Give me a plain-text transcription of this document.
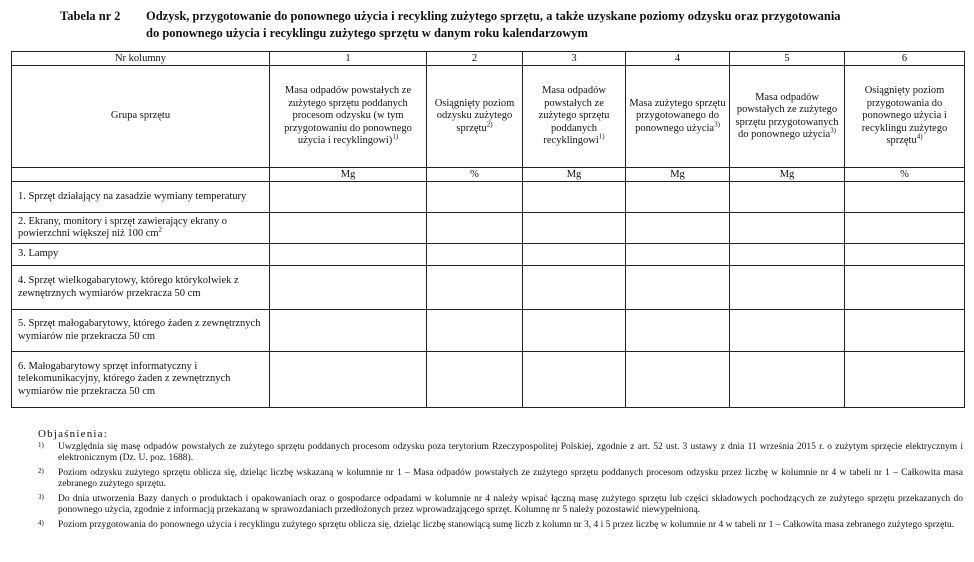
Tabela nr 2 Odzysk, przygotowanie do ponownego użycia i recykling zużytego sprzętu, a także uzyskane poziomy odzysku oraz przygotowania
do ponownego użycia i recyklingu zużytego sprzętu w danym roku kalendarzowym
Nr kolumny	1	2	3	4	5	6
Grupa sprzętu	Masa odpadów powstałych ze zużytego sprzętu poddanych procesom odzysku (w tym przygotowaniu do ponownego użycia i recyklingowi)$^{1)}$	Osiągnięty poziom odzysku zużytego sprzętu$^{2)}$	Masa odpadów powstałych ze zużytego sprzętu poddanych recyklingowi$^{1)}$	Masa zużytego sprzętu przygotowanego do ponownego użycia$^{3)}$	Masa odpadów powstałych ze zużytego sprzętu przygotowanych do ponownego użycia$^{3)}$	Osiągnięty poziom przygotowania do ponownego użycia i recyklingu zużytego sprzętu$^{4)}$
	Mg	%	Mg	Mg	Mg	%
1. Sprzęt działający na zasadzie wymiany temperatury						
2. Ekrany, monitory i sprzęt zawierający ekrany o powierzchni większej niż 100 $cm^2$						
3. Lampy						
4. Sprzęt wielkogabarytowy, którego którykolwiek z zewnętrznych wymiarów przekracza 50 cm						
5. Sprzęt małogabarytowy, którego żaden z zewnętrznych wymiarów nie przekracza 50 cm						
6. Małogabarytowy sprzęt informatyczny i telekomunikacyjny, którego żaden z zewnętrznych wymiarów nie przekracza 50 cm						
Objaśnienia:
1) Uwzględnia się masę odpadów powstałych ze zużytego sprzętu poddanych procesom odzysku poza terytorium Rzeczypospolitej Polskiej, zgodnie z art. 52 ust. 3 ustawy z dnia 11 września 2015 r. o zużytym sprzęcie elektrycznym i elektronicznym (Dz. U. poz. 1688).
2) Poziom odzysku zużytego sprzętu oblicza się, dzieląc liczbę wskazaną w kolumnie nr 1 – Masa odpadów powstałych ze zużytego sprzętu poddanych procesom odzysku przez liczbę w kolumnie nr 4 w tabeli nr 1 – Całkowita masa zebranego zużytego sprzętu.
3) Do dnia utworzenia Bazy danych o produktach i opakowaniach oraz o gospodarce odpadami w kolumnie nr 4 należy wpisać łączną masę zużytego sprzętu lub części składowych pochodzących ze zużytego sprzętu przekazanych do ponownego użycia, zgodnie z informacją przekazaną w sprawozdaniach przedłożonych przez wprowadzającego sprzęt. Kolumnę nr 5 należy pozostawić niewypełnioną.
4) Poziom przygotowania do ponownego użycia i recyklingu zużytego sprzętu oblicza się, dzieląc liczbę stanowiącą sumę liczb z kolumn nr 3, 4 i 5 przez liczbę w kolumnie nr 4 w tabeli nr 1 – Całkowita masa zebranego zużytego sprzętu.
